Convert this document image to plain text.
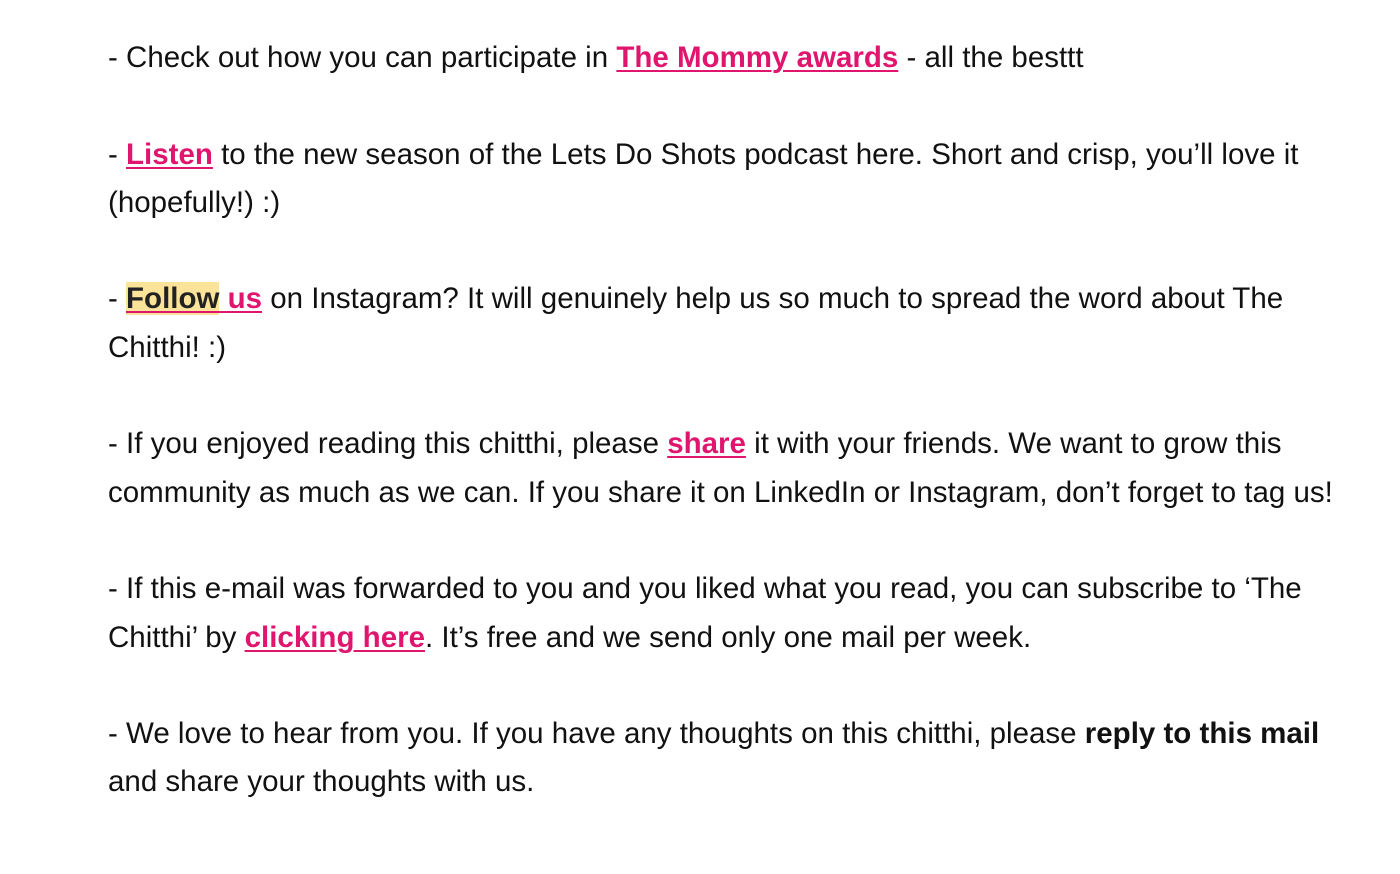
- Check out how you can participate in The Mommy awards - all the besttt

- Listen to the new season of the Lets Do Shots podcast here. Short and crisp, you’ll love it (hopefully!) :)

- Follow us on Instagram? It will genuinely help us so much to spread the word about The Chitthi! :)

- If you enjoyed reading this chitthi, please share it with your friends. We want to grow this community as much as we can. If you share it on LinkedIn or Instagram, don’t forget to tag us!

- If this e-mail was forwarded to you and you liked what you read, you can subscribe to ‘The Chitthi’ by clicking here. It’s free and we send only one mail per week.

- We love to hear from you. If you have any thoughts on this chitthi, please reply to this mail and share your thoughts with us.
